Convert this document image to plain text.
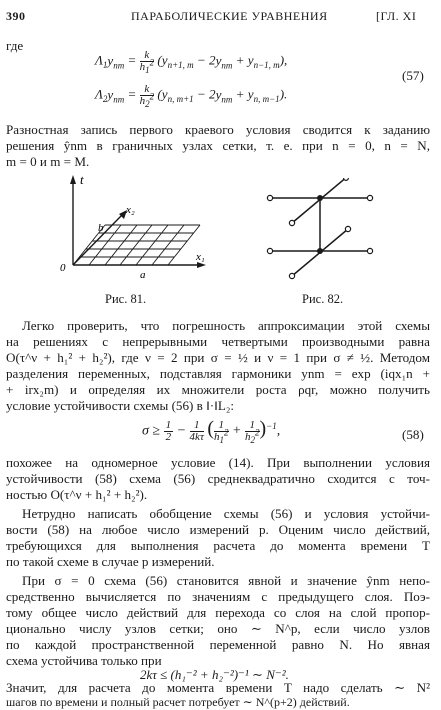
390	ПАРАБОЛИЧЕСКИЕ УРАВНЕНИЯ	[ГЛ. XI
где
$\Lambda_1y_{nm} = \frac{k}{h_1^2} (y_{n+1, m} - 2y_{nm} + y_{n-1, m})$,
$\Lambda_2y_{nm} = \frac{k}{h_2^2} (y_{n, m+1} - 2y_{nm} + y_{n, m-1})$.
(57)
Разностная запись первого краевого условия сводится к заданию
решения ŷnm в граничных узлах сетки, т. е. при n = 0, n = N,
m = 0 и m = M.
t
x₂
b
x₁
0
a
Рис. 81.	Рис. 82.
Легко проверить, что погрешность аппроксимации этой схемы
на решениях с непрерывными четвертыми производными равна
O(τ^ν + h₁² + h₂²), где ν = 2 при σ = ½ и ν = 1 при σ ≠ ½. Методом
разделения переменных, подставляя гармоники ynm = exp (iqx₁n +
+ irx₂m) и определяя их множители роста ρqr, можно получить
условие устойчивости схемы (56) в ‖·‖L₂:
$\sigma \ge \frac{1}{2} - \frac{1}{4k\tau}$ ( $\frac{1}{h_1^2} + \frac{1}{h_2^2} )^{-1}$,	(58)
похожее на одномерное условие (14). При выполнении условия
устойчивости (58) схема (56) среднеквадратично сходится с точ-
ностью O(τ^ν + h₁² + h₂²).
Нетрудно написать обобщение схемы (56) и условия устойчи-
вости (58) на любое число измерений p. Оценим число действий,
требующихся для выполнения расчета до момента времени T
по такой схеме в случае p измерений.
При σ = 0 схема (56) становится явной и значение ŷnm непо-
средственно вычисляется по значениям с предыдущего слоя. Поэ-
тому общее число действий для перехода со слоя на слой пропор-
ционально числу узлов сетки; оно ∼ N^p, если число узлов
по каждой пространственной переменной равно N. Но явная
схема устойчива только при
2kτ ≤ (h₁⁻² + h₂⁻²)⁻¹ ∼ N⁻².
Значит, для расчета до момента времени T надо сделать ∼ N²
шагов по времени и полный расчет потребует ∼ N^(p+2) действий.
